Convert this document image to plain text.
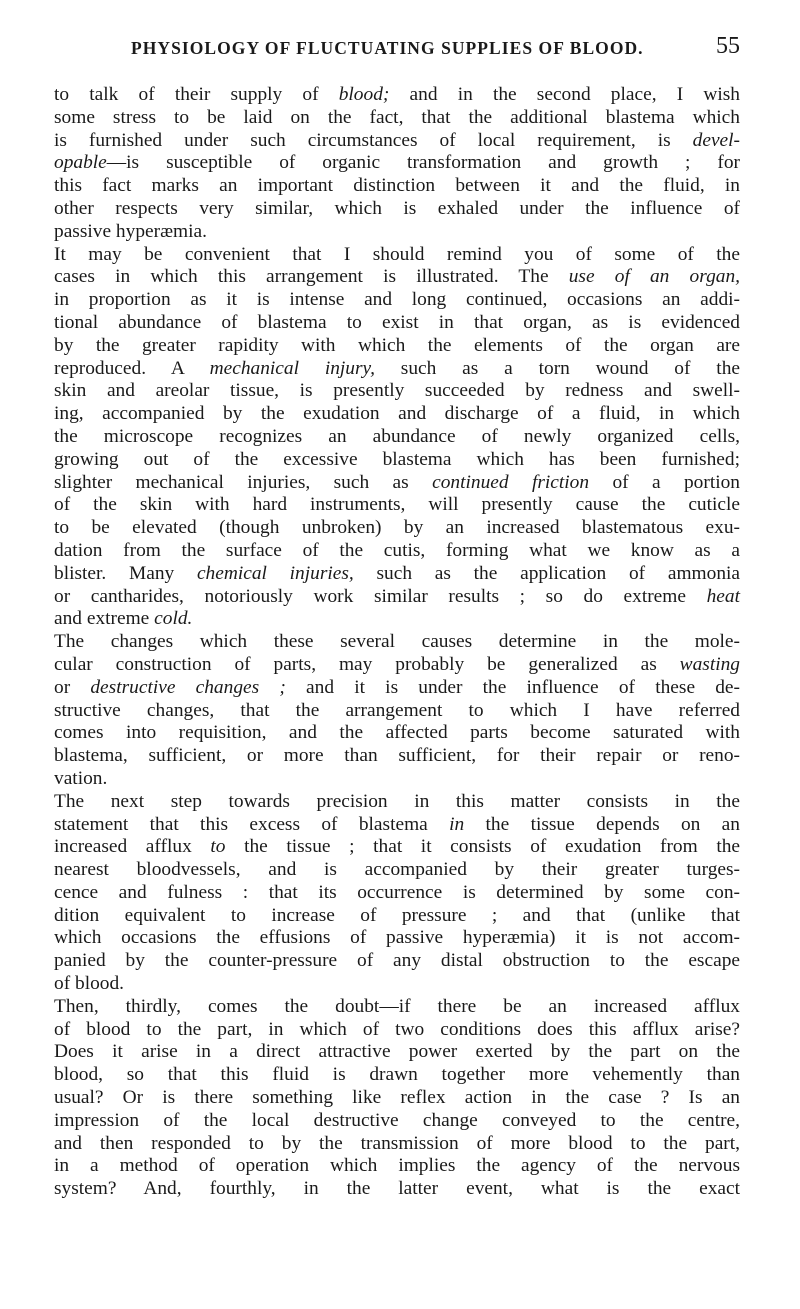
PHYSIOLOGY OF FLUCTUATING SUPPLIES OF BLOOD.	55
to talk of their supply of blood; and in the second place, I wish
some stress to be laid on the fact, that the additional blastema which
is furnished under such circumstances of local requirement, is devel-
opable—is susceptible of organic transformation and growth ; for
this fact marks an important distinction between it and the fluid, in
other respects very similar, which is exhaled under the influence of
passive hyperæmia.
It may be convenient that I should remind you of some of the
cases in which this arrangement is illustrated. The use of an organ,
in proportion as it is intense and long continued, occasions an addi-
tional abundance of blastema to exist in that organ, as is evidenced
by the greater rapidity with which the elements of the organ are
reproduced. A mechanical injury, such as a torn wound of the
skin and areolar tissue, is presently succeeded by redness and swell-
ing, accompanied by the exudation and discharge of a fluid, in which
the microscope recognizes an abundance of newly organized cells,
growing out of the excessive blastema which has been furnished;
slighter mechanical injuries, such as continued friction of a portion
of the skin with hard instruments, will presently cause the cuticle
to be elevated (though unbroken) by an increased blastematous exu-
dation from the surface of the cutis, forming what we know as a
blister. Many chemical injuries, such as the application of ammonia
or cantharides, notoriously work similar results ; so do extreme heat
and extreme cold.
The changes which these several causes determine in the mole-
cular construction of parts, may probably be generalized as wasting
or destructive changes ; and it is under the influence of these de-
structive changes, that the arrangement to which I have referred
comes into requisition, and the affected parts become saturated with
blastema, sufficient, or more than sufficient, for their repair or reno-
vation.
The next step towards precision in this matter consists in the
statement that this excess of blastema in the tissue depends on an
increased afflux to the tissue ; that it consists of exudation from the
nearest bloodvessels, and is accompanied by their greater turges-
cence and fulness : that its occurrence is determined by some con-
dition equivalent to increase of pressure ; and that (unlike that
which occasions the effusions of passive hyperæmia) it is not accom-
panied by the counter-pressure of any distal obstruction to the escape
of blood.
Then, thirdly, comes the doubt—if there be an increased afflux
of blood to the part, in which of two conditions does this afflux arise?
Does it arise in a direct attractive power exerted by the part on the
blood, so that this fluid is drawn together more vehemently than
usual? Or is there something like reflex action in the case ? Is an
impression of the local destructive change conveyed to the centre,
and then responded to by the transmission of more blood to the part,
in a method of operation which implies the agency of the nervous
system? And, fourthly, in the latter event, what is the exact
